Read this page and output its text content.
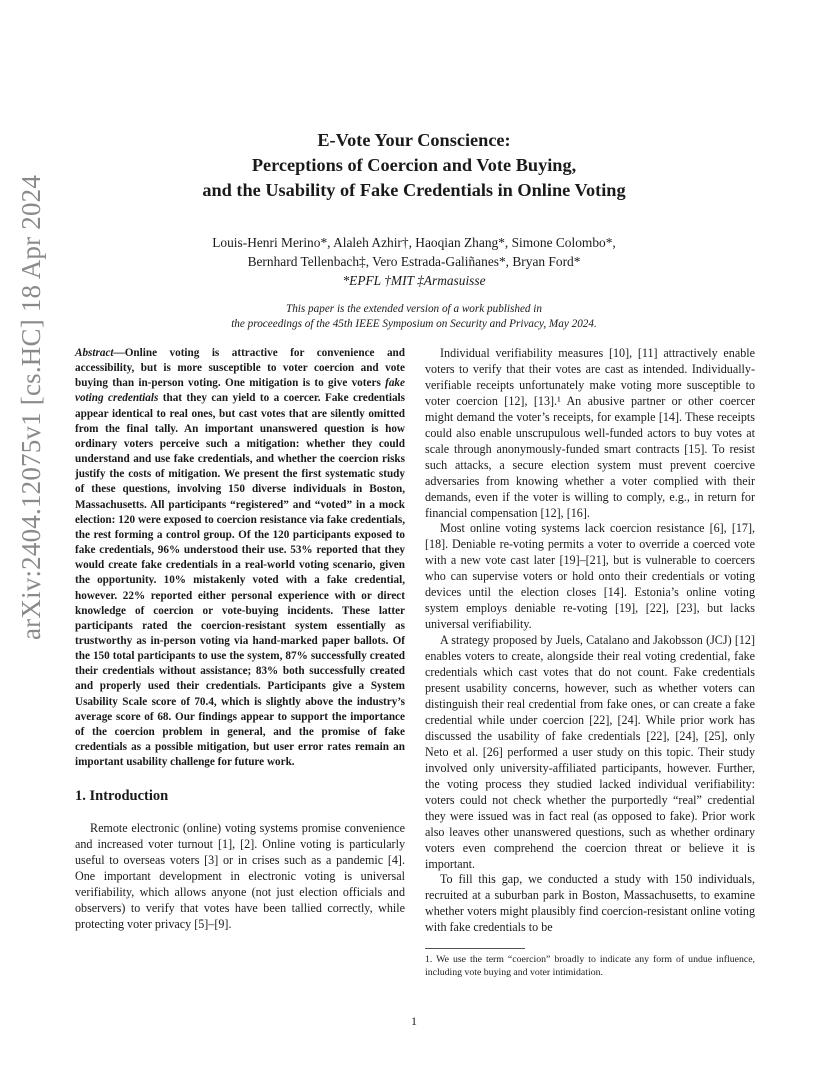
arXiv:2404.12075v1 [cs.HC] 18 Apr 2024
E-Vote Your Conscience:
Perceptions of Coercion and Vote Buying,
and the Usability of Fake Credentials in Online Voting
Louis-Henri Merino*, Alaleh Azhir†, Haoqian Zhang*, Simone Colombo*,
Bernhard Tellenbach‡, Vero Estrada-Galiñanes*, Bryan Ford*
*EPFL †MIT ‡Armasuisse
This paper is the extended version of a work published in
the proceedings of the 45th IEEE Symposium on Security and Privacy, May 2024.
Abstract—Online voting is attractive for convenience and accessibility, but is more susceptible to voter coercion and vote buying than in-person voting. One mitigation is to give voters fake voting credentials that they can yield to a coercer. Fake credentials appear identical to real ones, but cast votes that are silently omitted from the final tally. An important unanswered question is how ordinary voters perceive such a mitigation: whether they could understand and use fake credentials, and whether the coercion risks justify the costs of mitigation. We present the first systematic study of these questions, involving 150 diverse individuals in Boston, Massachusetts. All participants “registered” and “voted” in a mock election: 120 were exposed to coercion resistance via fake credentials, the rest forming a control group. Of the 120 participants exposed to fake credentials, 96% understood their use. 53% reported that they would create fake credentials in a real-world voting scenario, given the opportunity. 10% mistakenly voted with a fake credential, however. 22% reported either personal experience with or direct knowledge of coercion or vote-buying incidents. These latter participants rated the coercion-resistant system essentially as trustworthy as in-person voting via hand-marked paper ballots. Of the 150 total participants to use the system, 87% successfully created their credentials without assistance; 83% both successfully created and properly used their credentials. Participants give a System Usability Scale score of 70.4, which is slightly above the industry’s average score of 68. Our findings appear to support the importance of the coercion problem in general, and the promise of fake credentials as a possible mitigation, but user error rates remain an important usability challenge for future work.
1. Introduction

Remote electronic (online) voting systems promise convenience and increased voter turnout [1], [2]. Online voting is particularly useful to overseas voters [3] or in crises such as a pandemic [4]. One important development in electronic voting is universal verifiability, which allows anyone (not just election officials and observers) to verify that votes have been tallied correctly, while protecting voter privacy [5]–[9].

Individual verifiability measures [10], [11] attractively enable voters to verify that their votes are cast as intended. Individually-verifiable receipts unfortunately make voting more susceptible to voter coercion [12], [13].¹ An abusive partner or other coercer might demand the voter’s receipts, for example [14]. These receipts could also enable unscrupulous well-funded actors to buy votes at scale through anonymously-funded smart contracts [15]. To resist such attacks, a secure election system must prevent coercive adversaries from knowing whether a voter complied with their demands, even if the voter is willing to comply, e.g., in return for financial compensation [12], [16].

Most online voting systems lack coercion resistance [6], [17], [18]. Deniable re-voting permits a voter to override a coerced vote with a new vote cast later [19]–[21], but is vulnerable to coercers who can supervise voters or hold onto their credentials or voting devices until the election closes [14]. Estonia’s online voting system employs deniable re-voting [19], [22], [23], but lacks universal verifiability.

A strategy proposed by Juels, Catalano and Jakobsson (JCJ) [12] enables voters to create, alongside their real voting credential, fake credentials which cast votes that do not count. Fake credentials present usability concerns, however, such as whether voters can distinguish their real credential from fake ones, or can create a fake credential while under coercion [22], [24]. While prior work has discussed the usability of fake credentials [22], [24], [25], only Neto et al. [26] performed a user study on this topic. Their study involved only university-affiliated participants, however. Further, the voting process they studied lacked individual verifiability: voters could not check whether the purportedly “real” credential they were issued was in fact real (as opposed to fake). Prior work also leaves other unanswered questions, such as whether ordinary voters even comprehend the coercion threat or believe it is important.

To fill this gap, we conducted a study with 150 individuals, recruited at a suburban park in Boston, Massachusetts, to examine whether voters might plausibly find coercion-resistant online voting with fake credentials to be

1. We use the term “coercion” broadly to indicate any form of undue influence, including vote buying and voter intimidation.
1
